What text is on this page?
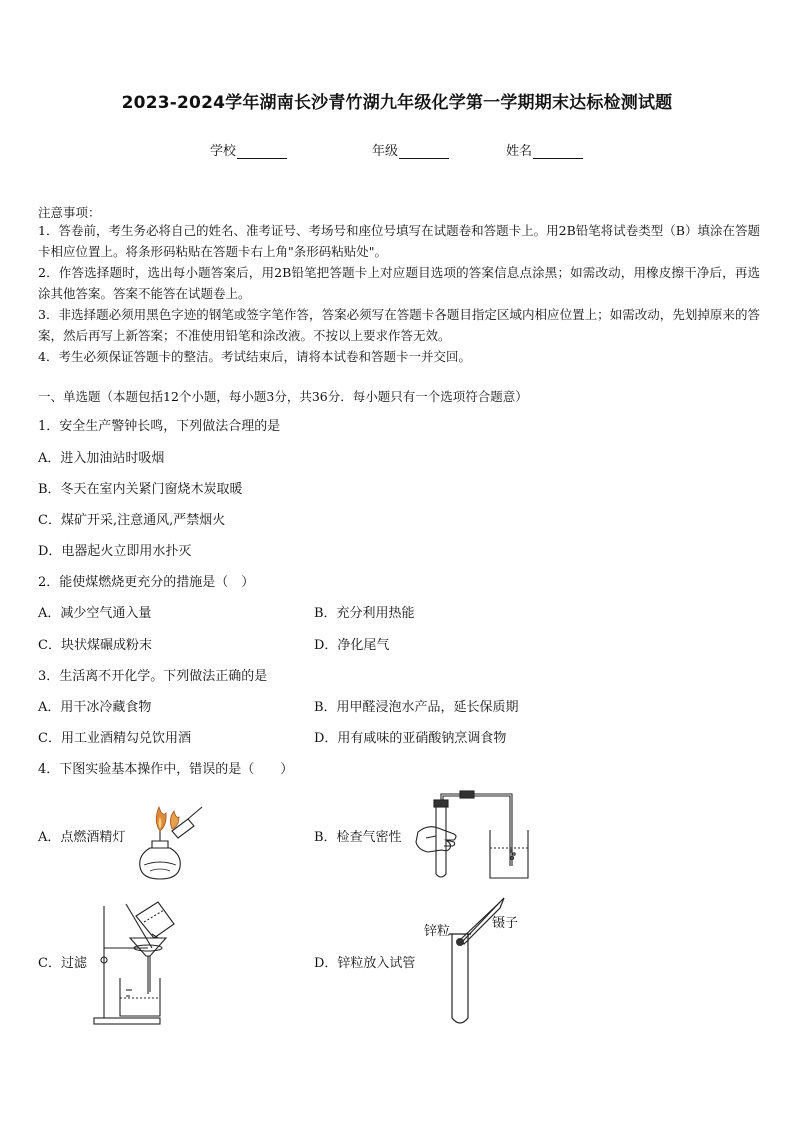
2023-2024学年湖南长沙青竹湖九年级化学第一学期期末达标检测试题
学校	年级	姓名
注意事项：
1．答卷前，考生务必将自己的姓名、准考证号、考场号和座位号填写在试题卷和答题卡上。用2B铅笔将试卷类型（B）填涂在答题卡相应位置上。将条形码粘贴在答题卡右上角"条形码粘贴处"。
2．作答选择题时，选出每小题答案后，用2B铅笔把答题卡上对应题目选项的答案信息点涂黑；如需改动，用橡皮擦干净后，再选涂其他答案。答案不能答在试题卷上。
3．非选择题必须用黑色字迹的钢笔或签字笔作答，答案必须写在答题卡各题目指定区域内相应位置上；如需改动，先划掉原来的答案，然后再写上新答案；不准使用铅笔和涂改液。不按以上要求作答无效。
4．考生必须保证答题卡的整洁。考试结束后，请将本试卷和答题卡一并交回。
一、单选题（本题包括12个小题，每小题3分，共36分．每小题只有一个选项符合题意）
1．安全生产警钟长鸣，下列做法合理的是
A．进入加油站时吸烟
B．冬天在室内关紧门窗烧木炭取暖
C．煤矿开采,注意通风,严禁烟火
D．电器起火立即用水扑灭
2．能使煤燃烧更充分的措施是（　）
A．减少空气通入量	B．充分利用热能
C．块状煤碾成粉末	D．净化尾气
3．生活离不开化学。下列做法正确的是
A．用干冰冷藏食物	B．用甲醛浸泡水产品，延长保质期
C．用工业酒精勾兑饮用酒	D．用有咸味的亚硝酸钠烹调食物
4．下图实验基本操作中，错误的是（　　）
A．点燃酒精灯	B．检查气密性
C．过滤	D．锌粒放入试管
锌粒
镊子
